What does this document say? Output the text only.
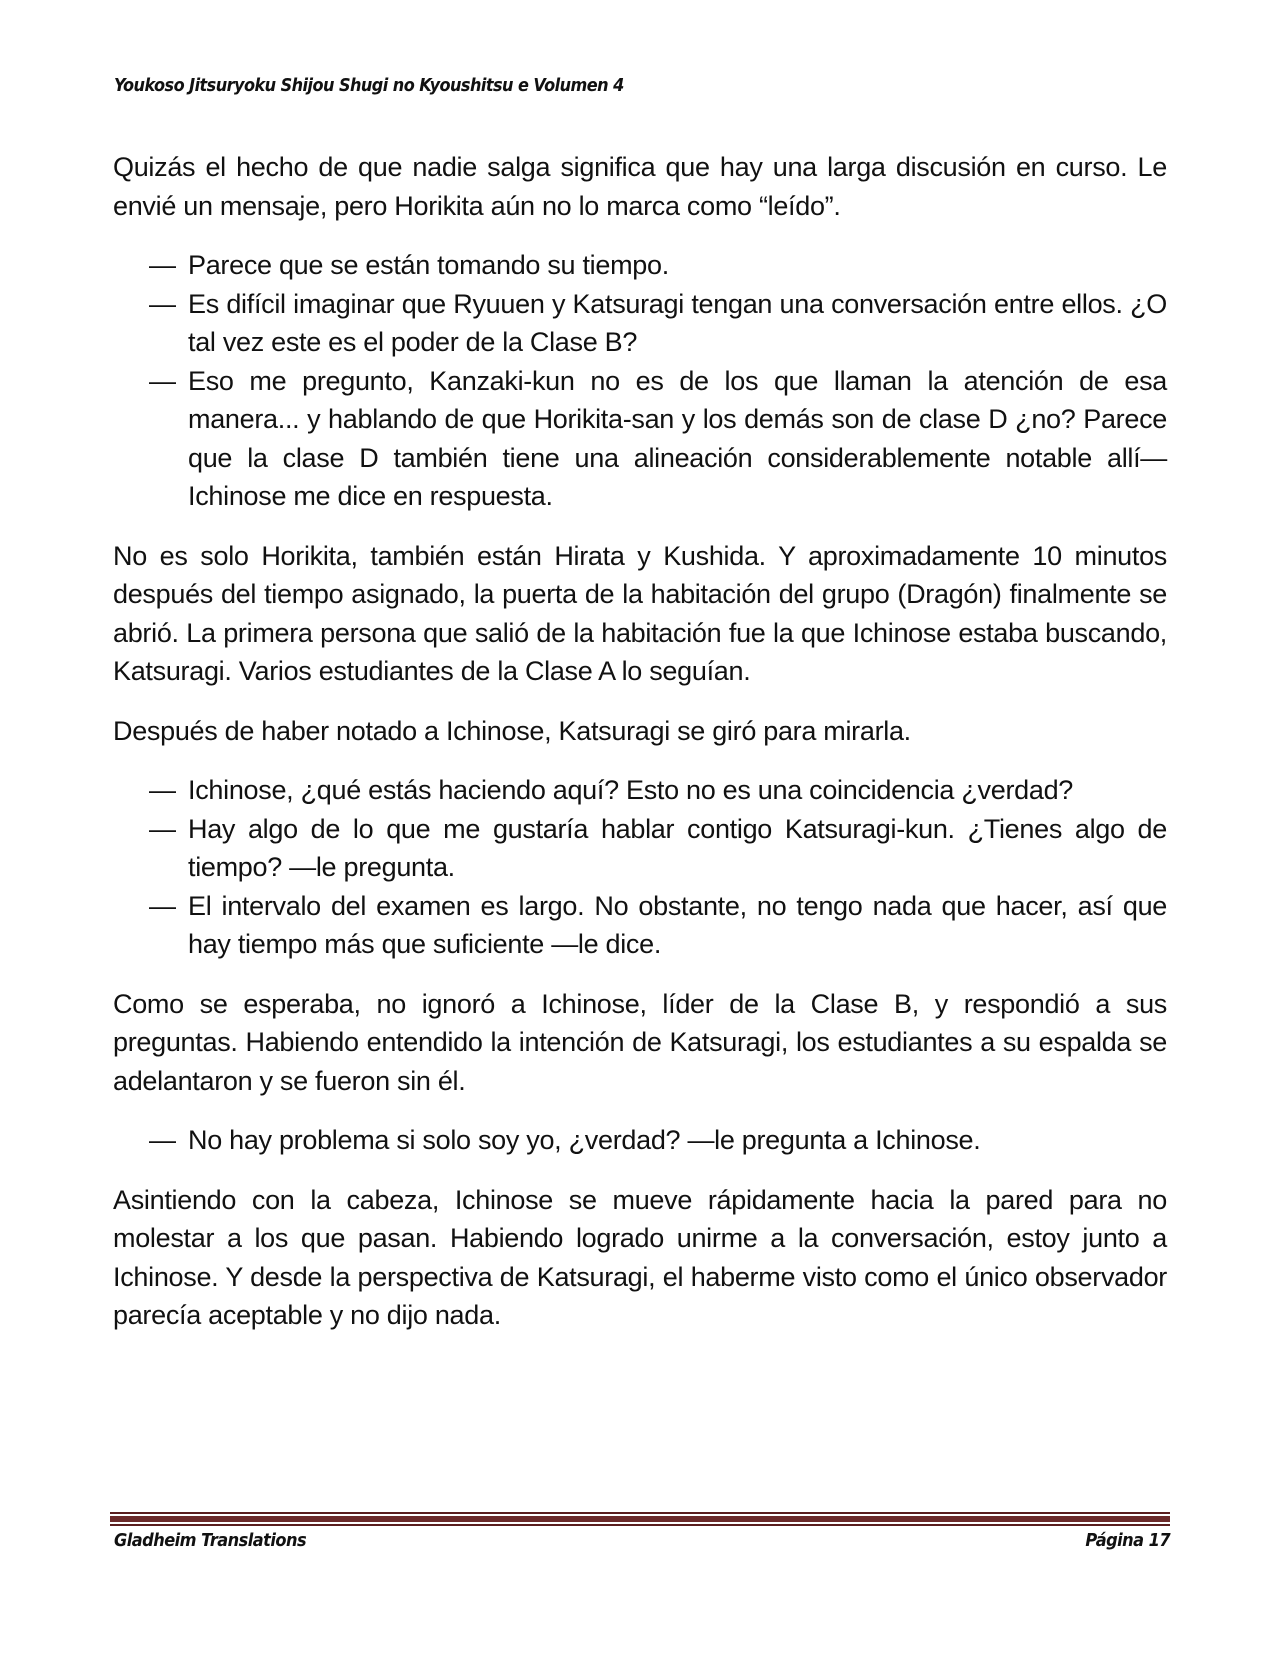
Youkoso Jitsuryoku Shijou Shugi no Kyoushitsu e Volumen 4

Quizás el hecho de que nadie salga significa que hay una larga discusión en curso. Le envié un mensaje, pero Horikita aún no lo marca como “leído”.

— Parece que se están tomando su tiempo.

— Es difícil imaginar que Ryuuen y Katsuragi tengan una conversación entre ellos. ¿O tal vez este es el poder de la Clase B?

— Eso me pregunto, Kanzaki-kun no es de los que llaman la atención de esa manera... y hablando de que Horikita-san y los demás son de clase D ¿no? Parece que la clase D también tiene una alineación considerablemente notable allí— Ichinose me dice en respuesta.

No es solo Horikita, también están Hirata y Kushida. Y aproximadamente 10 minutos después del tiempo asignado, la puerta de la habitación del grupo (Dragón) finalmente se abrió. La primera persona que salió de la habitación fue la que Ichinose estaba buscando, Katsuragi. Varios estudiantes de la Clase A lo seguían.

Después de haber notado a Ichinose, Katsuragi se giró para mirarla.

— Ichinose, ¿qué estás haciendo aquí? Esto no es una coincidencia ¿verdad?

— Hay algo de lo que me gustaría hablar contigo Katsuragi-kun. ¿Tienes algo de tiempo? —le pregunta.

— El intervalo del examen es largo. No obstante, no tengo nada que hacer, así que hay tiempo más que suficiente —le dice.

Como se esperaba, no ignoró a Ichinose, líder de la Clase B, y respondió a sus preguntas. Habiendo entendido la intención de Katsuragi, los estudiantes a su espalda se adelantaron y se fueron sin él.

— No hay problema si solo soy yo, ¿verdad? —le pregunta a Ichinose.

Asintiendo con la cabeza, Ichinose se mueve rápidamente hacia la pared para no molestar a los que pasan. Habiendo logrado unirme a la conversación, estoy junto a Ichinose. Y desde la perspectiva de Katsuragi, el haberme visto como el único observador parecía aceptable y no dijo nada.

Gladheim Translations	Página 17
